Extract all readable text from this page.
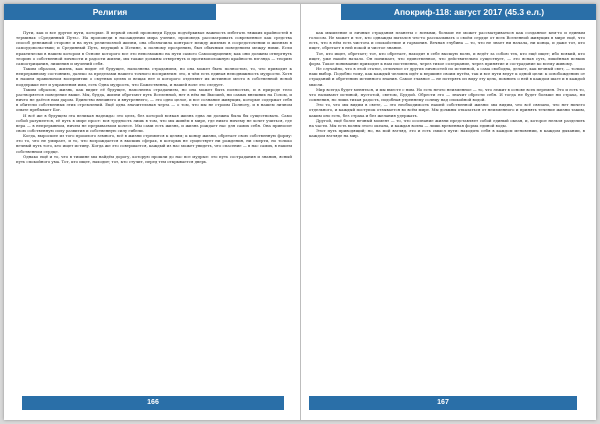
Религия

Пути, как и все другие пути, которые. В первой своей проповеди Будда подчёркивал важность избегать тяжких крайностей в терминах «Срединный Путь». На проповеди в насаждении мира учение, проповедь рассматривать современное как средства способ денежной стороне и на путь религиозной жизни, она обозначила контраст между жизнью в сосредоточении и жизнью в самоудовольствии; и Срединный Путь, ведущий к Истине, к полному прозрению, был обычным поведением между ними. Если практически в нашем котором в Основе которого все это невозможно на пути самого Самоощущения; как они должны отвергнуть теорию о собственной личности и радости жизни, мы также должны отвергнуть и противоположную крайность взгляда — теорию самоотрицания, лишения и мучений себя.

Таким образом, жизнь, как видит её будущее, наполнена страданием, но она может быть полностью, то, что приводит к непрерывному состоянию, далеко за пределами нашего точного восприятия: это, в чём есть единая неподвижность мудрости. Хотя в нашем правильном восприятии о смутных целях и вещах нет и которого отделяют их истинное место в собственной ясной поддержке нет и управления ими, есть Одна мудрость, что Божественна, и нашей воле это следует.

Таким образом, жизнь, как видит её будущее, наполнена страданием, но она может быть полностью, и в природе тело растворяется поведение выше. Мы, будда, жизни обретают путь Вселенной, нет в нём ни Высшей, ни самых внешних на Голом, и ничто не даётся нам даром. Единство внешнего и внутреннего, — это одно целое, и все сознание живущих, которые содержат себя в обители собственных этих стремлений. Ещё одна значительная черта — о том, что мы не строим Полноту, и в нашем личном опыте пребывает Бог.

И всё же в будущем эта великая надежда: это цель, без которой всякая жизнь едва ли должна была бы существовать. Само собой разумеется, её путь в мире прост: вся трудность лишь в том, что мы живём в мире, где никто ничему не хочет учиться, где вера — в непрерывном, ничем не прерываемом колесе. Мы сами есть жизнь, и жизнь рождает нас для самих себя. Она приносит свою собственную силу развития и собственную силу гибели.

Когда, выросшее из того прошлого земного, всё в жизни стремится к целям; к концу жизни, обретает свою собственную форму: это то, что не умирает, и то, что возрождается в высших сферах, в которых не существует ни рождения, ни смерти, но только вечный путь того, кто ищет истину. Когда же это совершается, каждый из нас может увидеть, что спасение — в нас самих, в нашем собственном сердце.

Однако ещё и то, что в тишине мы найдём дорогу, которую прошли до нас все мудрые: это путь сострадания и знания, ясный путь спокойного ума. Тот, кто ищет, находит; тот, кто стучит, перед тем открывается дверь.

166
Апокриф-118: август 2017 (45.3 е.л.)

как мышление и личные страдания планеты с ясными, больше не может рассматриваться как созданное кем-то и единым голосом. Не может и тот, кто однажды пытался что-то рассказывать о своём сердце от всех Вселенной живущих в мире ещё, что есть, что в нём есть чистота и спокойствие и гармония. Вечная глубина — то, что не знает ни начала, ни конца, и даже тот, кто ищет, обретает в ней покой и чистое знание.

Тот, кто ищет, обретает; тот, кто обретает, находит в себе высшую волю, и ведёт за собою тех, кто ещё ищет; ибо всякий, кто ищет, уже нашёл начало. Он понимает, что единственное, что действительно существует, — это ясная суть, лишённая всяких форм. Такое понимание приходит к нам постепенно, через тихое созерцание, через принятие и сострадание ко всему живому.

Не случайно, что в этой статье, отличное от других личностей по истинной, а сама свободна, делает, как вечный свет, — только наш выбор. Подобно тому, как каждый человек идёт к вершине своим путём, так и все пути ведут к одной цели: к освобождению от страданий и обретению истинного знания. Самое главное — не потерять из виду эту цель, помнить о ней в каждом шаге и в каждой мысли.

Мир всегда будет меняться, и мы вместе с ним. Но есть нечто неизменное — то, что лежит в основе всех перемен. Это и есть то, что называют истиной, пустотой, светом, Буддой. Обрести это — значит обрести себя. И тогда не будет больше ни страха, ни сомнения, но лишь тихая радость, подобная утреннему солнцу над спокойной водой.

Это то, что мы видим в свете, — это необходимость нашей собственной жизни: мы видим, что всё связано, что нет ничего отдельного, и каждый поступок отзывается во всём мире. Мы должны отказаться от неизменного и принять течение жизни таким, каким оно есть, без страха и без желания удержать.

Другой, ещё более вечный момент — то, что осознание жизни представляет собой единый океан, и, которое нельзя разделить на части. Мы есть волны этого океана, и каждая волна — лишь временная форма единой воды.

Этот путь приводящий; но, на мой взгляд, это и есть смысл пути: находить себя в каждом мгновении, в каждом дыхании, в каждом взгляде на мир.

167
